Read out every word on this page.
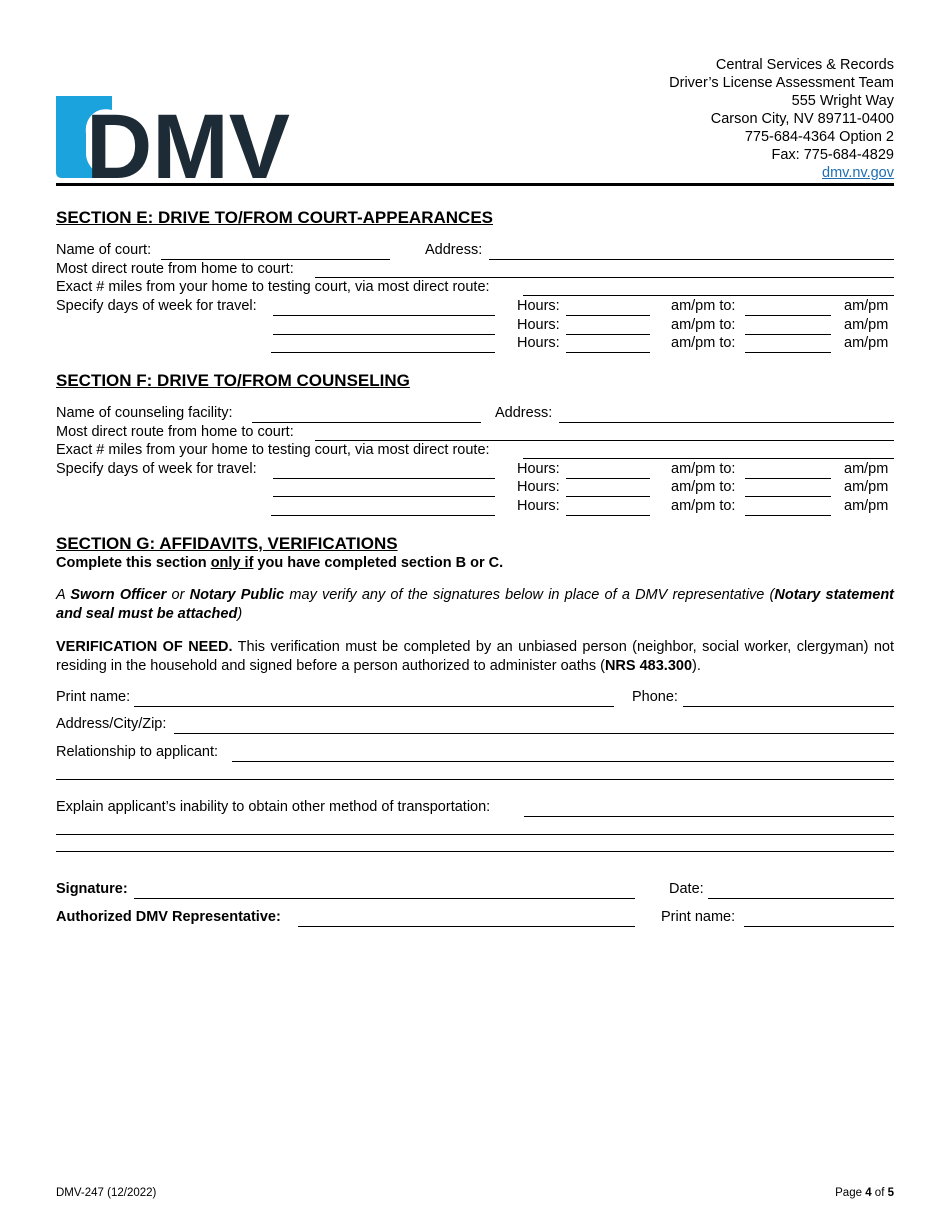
DMV
Central Services & Records
Driver’s License Assessment Team
555 Wright Way
Carson City, NV 89711-0400
775-684-4364 Option 2
Fax: 775-684-4829
dmv.nv.gov
SECTION E: DRIVE TO/FROM COURT-APPEARANCES
Name of court:	Address:
Most direct route from home to court:
Exact # miles from your home to testing court, via most direct route:
Specify days of week for travel:	Hours:	am/pm to:	am/pm
Hours:	am/pm to:	am/pm
Hours:	am/pm to:	am/pm
SECTION F: DRIVE TO/FROM COUNSELING
Name of counseling facility:	Address:
Most direct route from home to court:
Exact # miles from your home to testing court, via most direct route:
Specify days of week for travel:	Hours:	am/pm to:	am/pm
Hours:	am/pm to:	am/pm
Hours:	am/pm to:	am/pm
SECTION G: AFFIDAVITS, VERIFICATIONS
Complete this section only if you have completed section B or C.
A Sworn Officer or Notary Public may verify any of the signatures below in place of a DMV representative (Notary statement and seal must be attached)
VERIFICATION OF NEED. This verification must be completed by an unbiased person (neighbor, social worker, clergyman) not residing in the household and signed before a person authorized to administer oaths (NRS 483.300).
Print name:	Phone:
Address/City/Zip:
Relationship to applicant:
Explain applicant’s inability to obtain other method of transportation:
Signature:	Date:
Authorized DMV Representative:	Print name:
DMV-247 (12/2022)	Page 4 of 5
